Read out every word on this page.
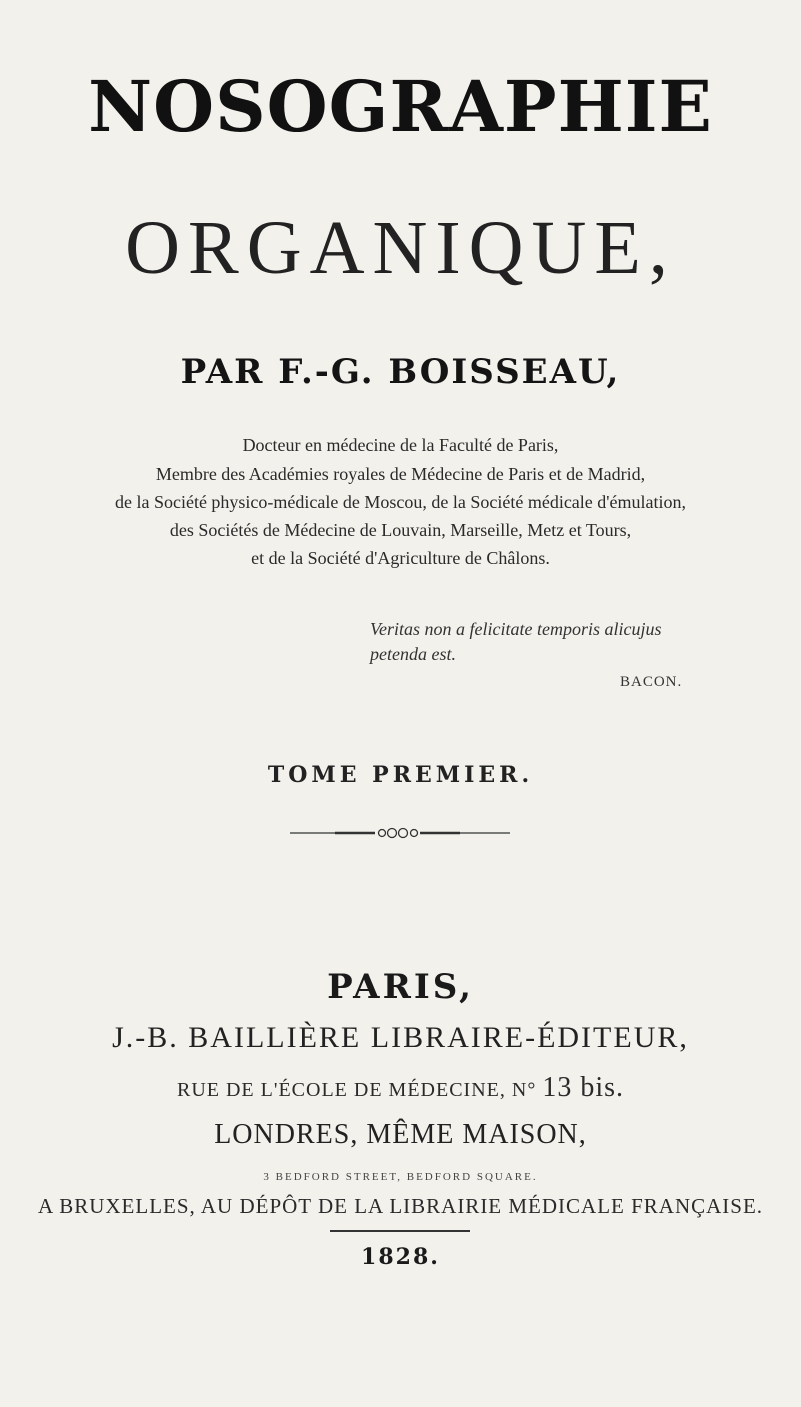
NOSOGRAPHIE
ORGANIQUE,
PAR F.-G. BOISSEAU,
Docteur en médecine de la Faculté de Paris,
Membre des Académies royales de Médecine de Paris et de Madrid,
de la Société physico-médicale de Moscou, de la Société médicale d'émulation,
des Sociétés de Médecine de Louvain, Marseille, Metz et Tours,
et de la Société d'Agriculture de Châlons.
Veritas non a felicitate temporis alicujus
petenda est.
BACON.
TOME PREMIER.
PARIS,
J.-B. BAILLIÈRE LIBRAIRE-ÉDITEUR,
RUE DE L'ÉCOLE DE MÉDECINE, N° 13 bis.
LONDRES, MÊME MAISON,
3 BEDFORD STREET, BEDFORD SQUARE.
A BRUXELLES, AU DÉPÔT DE LA LIBRAIRIE MÉDICALE FRANÇAISE.
1828.
